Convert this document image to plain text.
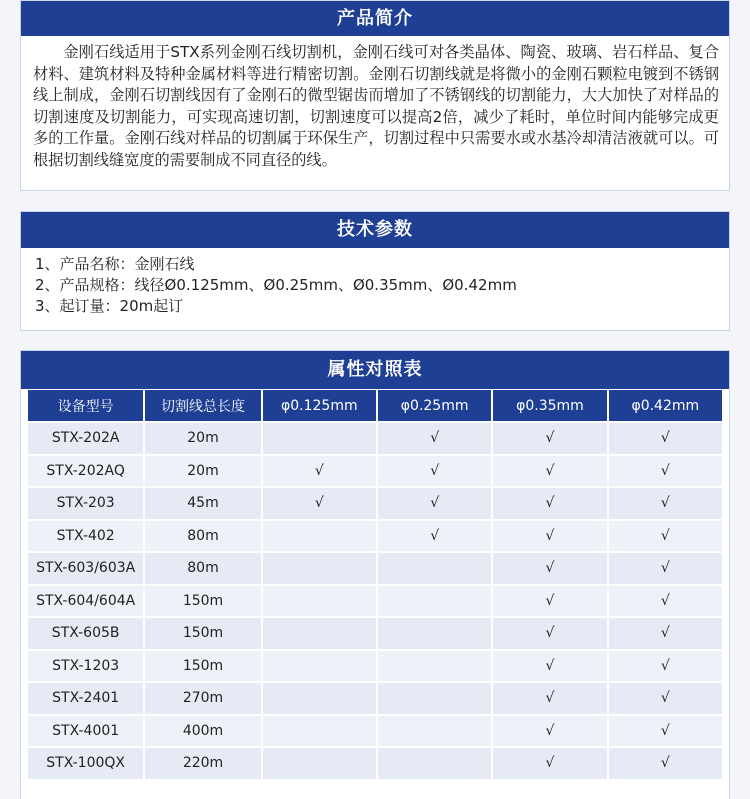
产品简介

金刚石线适用于STX系列金刚石线切割机，金刚石线可对各类晶体、陶瓷、玻璃、岩石样品、复合材料、建筑材料及特种金属材料等进行精密切割。金刚石切割线就是将微小的金刚石颗粒电镀到不锈钢线上制成，金刚石切割线因有了金刚石的微型锯齿而增加了不锈钢线的切割能力，大大加快了对样品的切割速度及切割能力，可实现高速切割，切割速度可以提高2倍，减少了耗时，单位时间内能够完成更多的工作量。金刚石线对样品的切割属于环保生产，切割过程中只需要水或水基冷却清洁液就可以。可根据切割线缝宽度的需要制成不同直径的线。

技术参数
1、产品名称：金刚石线
2、产品规格：线径Ø0.125mm、Ø0.25mm、Ø0.35mm、Ø0.42mm
3、起订量：20m起订
属性对照表
设备型号	切割线总长度	φ0.125mm	φ0.25mm	φ0.35mm	φ0.42mm
STX-202A	20m		√	√	√
STX-202AQ	20m	√	√	√	√
STX-203	45m	√	√	√	√
STX-402	80m		√	√	√
STX-603/603A	80m			√	√
STX-604/604A	150m			√	√
STX-605B	150m			√	√
STX-1203	150m			√	√
STX-2401	270m			√	√
STX-4001	400m			√	√
STX-100QX	220m			√	√
